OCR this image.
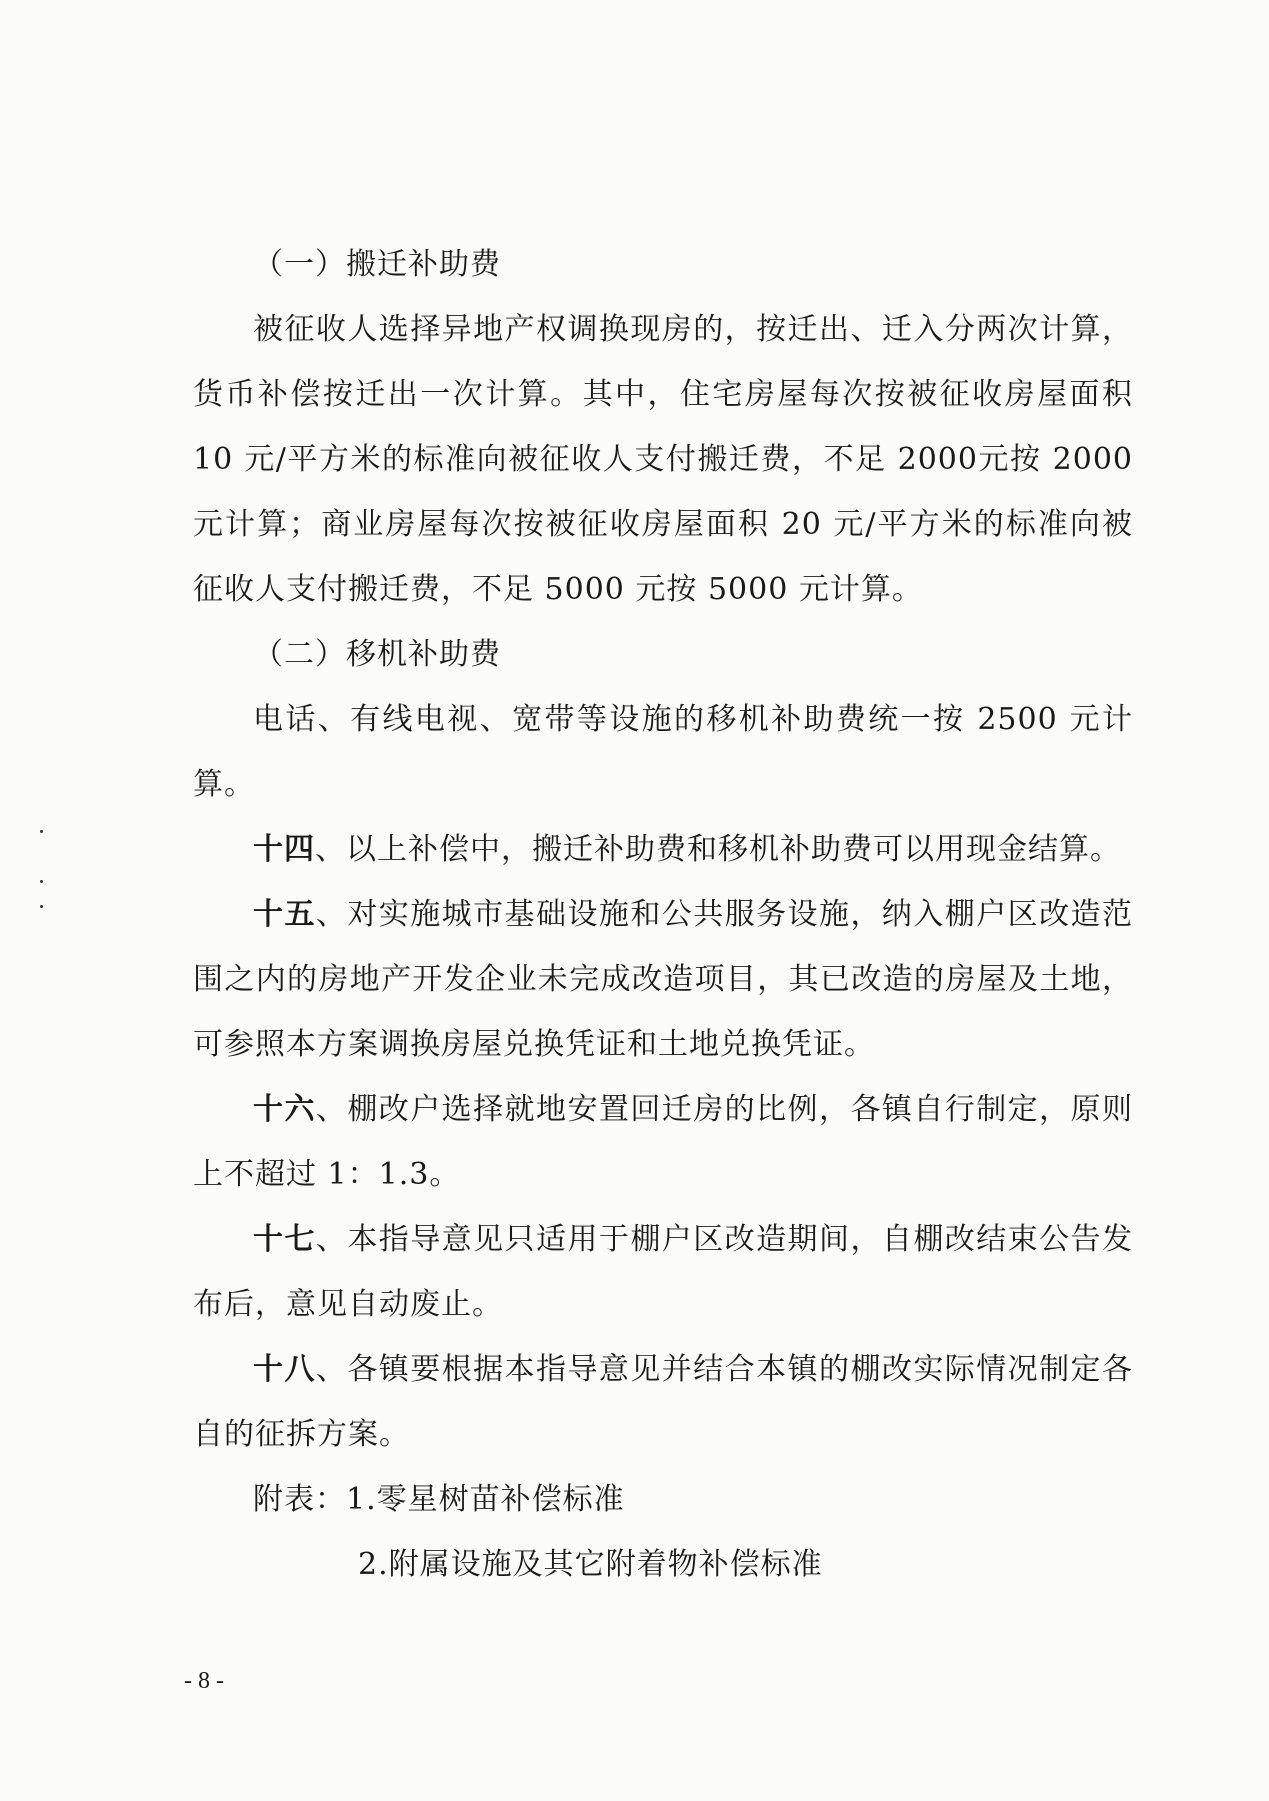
（一）搬迁补助费

被征收人选择异地产权调换现房的，按迁出、迁入分两次计算，货币补偿按迁出一次计算。其中，住宅房屋每次按被征收房屋面积 10 元/平方米的标准向被征收人支付搬迁费，不足 2000元按 2000 元计算；商业房屋每次按被征收房屋面积 20 元/平方米的标准向被征收人支付搬迁费，不足 5000 元按 5000 元计算。

（二）移机补助费

电话、有线电视、宽带等设施的移机补助费统一按 2500 元计算。

十四、以上补偿中，搬迁补助费和移机补助费可以用现金结算。

十五、对实施城市基础设施和公共服务设施，纳入棚户区改造范围之内的房地产开发企业未完成改造项目，其已改造的房屋及土地，可参照本方案调换房屋兑换凭证和土地兑换凭证。

十六、棚改户选择就地安置回迁房的比例，各镇自行制定，原则上不超过 1：1.3。

十七、本指导意见只适用于棚户区改造期间，自棚改结束公告发布后，意见自动废止。

十八、各镇要根据本指导意见并结合本镇的棚改实际情况制定各自的征拆方案。

附表：1.零星树苗补偿标准

2.附属设施及其它附着物补偿标准

- 8 -
